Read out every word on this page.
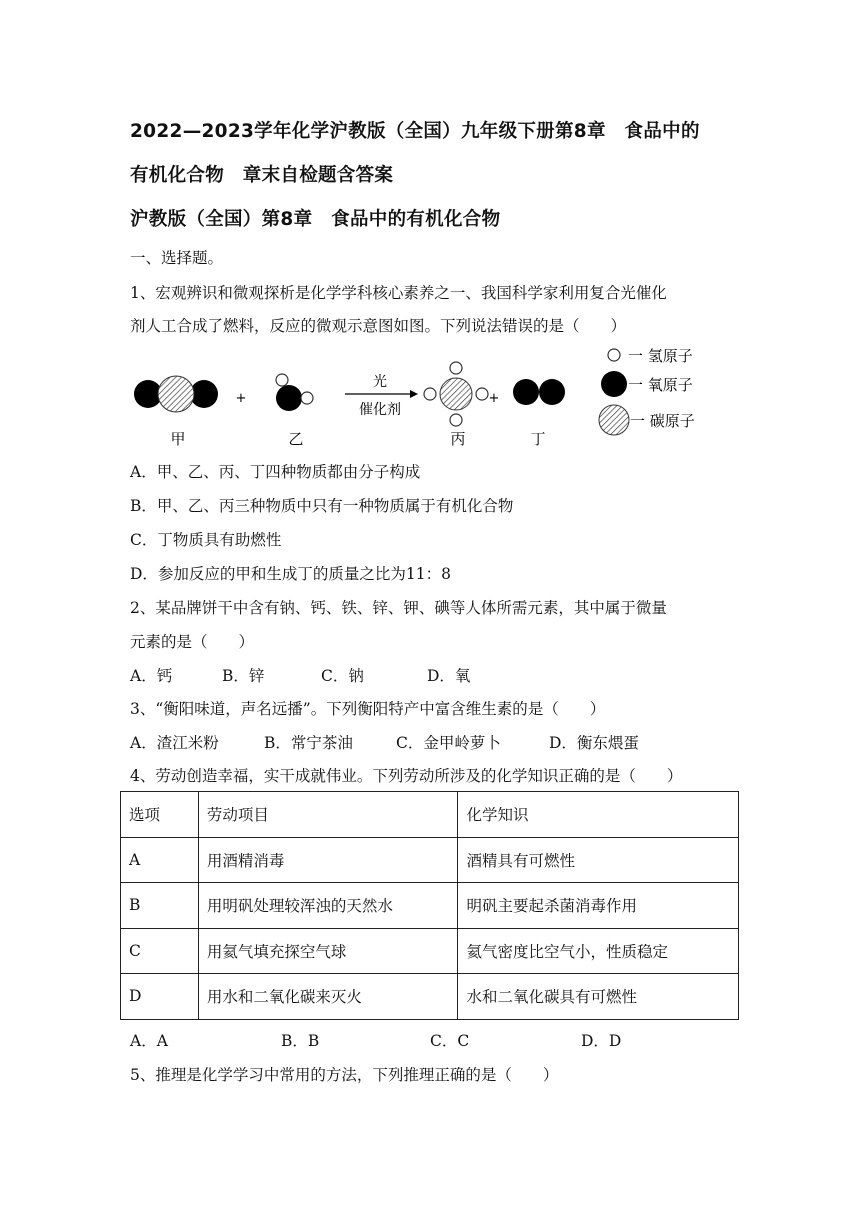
2022—2023学年化学沪教版（全国）九年级下册第8章　食品中的
有机化合物　章末自检题含答案
沪教版（全国）第8章　食品中的有机化合物
一、选择题。
1、宏观辨识和微观探析是化学学科核心素养之一、我国科学家利用复合光催化
剂人工合成了燃料，反应的微观示意图如图。下列说法错误的是（　　）
+
光
催化剂
+
甲	乙	丙	丁
一 氢原子
一 氧原子
一 碳原子
A．甲、乙、丙、丁四种物质都由分子构成
B．甲、乙、丙三种物质中只有一种物质属于有机化合物
C．丁物质具有助燃性
D．参加反应的甲和生成丁的质量之比为11：8
2、某品牌饼干中含有钠、钙、铁、锌、钾、碘等人体所需元素，其中属于微量
元素的是（　　）
A．钙	B．锌	C．钠	D．氧
3、“衡阳味道，声名远播”。下列衡阳特产中富含维生素的是（　　）
A．渣江米粉	B．常宁茶油	C．金甲岭萝卜	D．衡东煨蛋
4、劳动创造幸福，实干成就伟业。下列劳动所涉及的化学知识正确的是（　　）
选项	劳动项目	化学知识
A	用酒精消毒	酒精具有可燃性
B	用明矾处理较浑浊的天然水	明矾主要起杀菌消毒作用
C	用氦气填充探空气球	氦气密度比空气小，性质稳定
D	用水和二氧化碳来灭火	水和二氧化碳具有可燃性
A．A	B．B	C．C	D．D
5、推理是化学学习中常用的方法，下列推理正确的是（　　）
